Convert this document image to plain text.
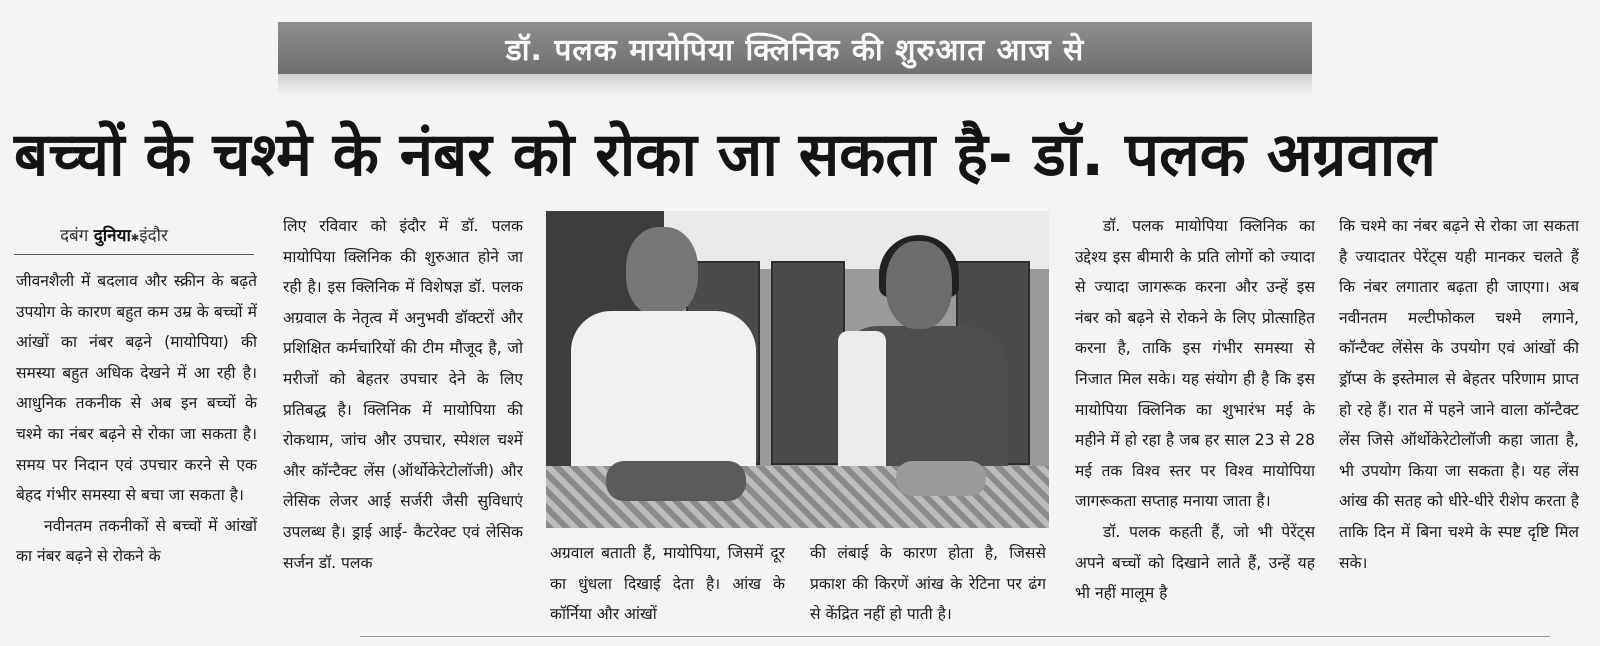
डॉ. पलक मायोपिया क्लिनिक की शुरुआत आज से
बच्चों के चश्मे के नंबर को रोका जा सकता है- डॉ. पलक अग्रवाल
दबंग दुनिया✱इंदौर

जीवनशैली में बदलाव और स्क्रीन के बढ़ते उपयोग के कारण बहुत कम उम्र के बच्चों में आंखों का नंबर बढ़ने (मायोपिया) की समस्या बहुत अधिक देखने में आ रही है। आधुनिक तकनीक से अब इन बच्चों के चश्मे का नंबर बढ़ने से रोका जा सकता है। समय पर निदान एवं उपचार करने से एक बेहद गंभीर समस्या से बचा जा सकता है।

नवीनतम तकनीकों से बच्चों में आंखों का नंबर बढ़ने से रोकने के

लिए रविवार को इंदौर में डॉ. पलक मायोपिया क्लिनिक की शुरुआत होने जा रही है। इस क्लिनिक में विशेषज्ञ डॉ. पलक अग्रवाल के नेतृत्व में अनुभवी डॉक्टरों और प्रशिक्षित कर्मचारियों की टीम मौजूद है, जो मरीजों को बेहतर उपचार देने के लिए प्रतिबद्ध है। क्लिनिक में मायोपिया की रोकथाम, जांच और उपचार, स्पेशल चश्में और कॉन्टैक्ट लेंस (ऑर्थोकेरेटोलॉजी) और लेसिक लेजर आई सर्जरी जैसी सुविधाएं उपलब्ध है। ड्राई आई- कैटरेक्ट एवं लेसिक सर्जन डॉ. पलक

अग्रवाल बताती हैं, मायोपिया, जिसमें दूर का धुंधला दिखाई देता है। आंख के कॉर्निया और आंखों

की लंबाई के कारण होता है, जिससे प्रकाश की किरणें आंख के रेटिना पर ढंग से केंद्रित नहीं हो पाती है।

डॉ. पलक मायोपिया क्लिनिक का उद्देश्य इस बीमारी के प्रति लोगों को ज्यादा से ज्यादा जागरूक करना और उन्हें इस नंबर को बढ़ने से रोकने के लिए प्रोत्साहित करना है, ताकि इस गंभीर समस्या से निजात मिल सके। यह संयोग ही है कि इस मायोपिया क्लिनिक का शुभारंभ मई के महीने में हो रहा है जब हर साल 23 से 28 मई तक विश्व स्तर पर विश्व मायोपिया जागरूकता सप्ताह मनाया जाता है।

डॉ. पलक कहती हैं, जो भी पेरेंट्स अपने बच्चों को दिखाने लाते हैं, उन्हें यह भी नहीं मालूम है

कि चश्मे का नंबर बढ़ने से रोका जा सकता है ज्यादातर पेरेंट्स यही मानकर चलते हैं कि नंबर लगातार बढ़ता ही जाएगा। अब नवीनतम मल्टीफोकल चश्मे लगाने, कॉन्टैक्ट लेंसेस के उपयोग एवं आंखों की ड्रॉप्स के इस्तेमाल से बेहतर परिणाम प्राप्त हो रहे हैं। रात में पहने जाने वाला कॉन्टैक्ट लेंस जिसे ऑर्थोकेरेटोलॉजी कहा जाता है, भी उपयोग किया जा सकता है। यह लेंस आंख की सतह को धीरे-धीरे रीशेप करता है ताकि दिन में बिना चश्मे के स्पष्ट दृष्टि मिल सके।
